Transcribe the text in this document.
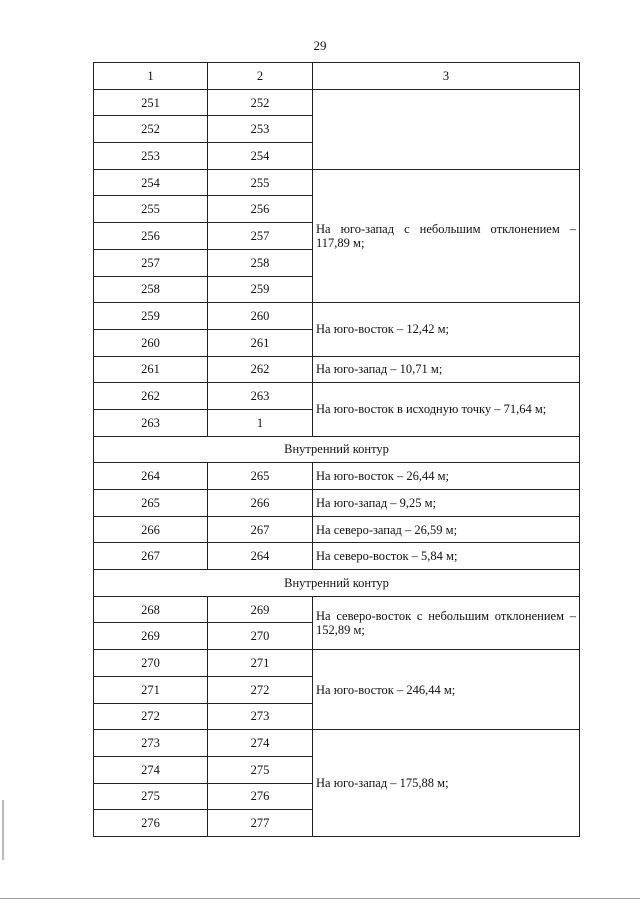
29
1	2	3
251	252	
252	253	
253	254	
254	255	На юго-запад с небольшим отклонением – 117,89 м;
255	256	
256	257	
257	258	
258	259	
259	260	На юго-восток – 12,42 м;
260	261	
261	262	На юго-запад – 10,71 м;
262	263	На юго-восток в исходную точку – 71,64 м;
263	1	
Внутренний контур		
264	265	На юго-восток – 26,44 м;
265	266	На юго-запад – 9,25 м;
266	267	На северо-запад – 26,59 м;
267	264	На северо-восток – 5,84 м;
Внутренний контур		
268	269	На северо-восток с небольшим отклонением – 152,89 м;
269	270	
270	271	На юго-восток – 246,44 м;
271	272	
272	273	
273	274	На юго-запад – 175,88 м;
274	275	
275	276	
276	277	
